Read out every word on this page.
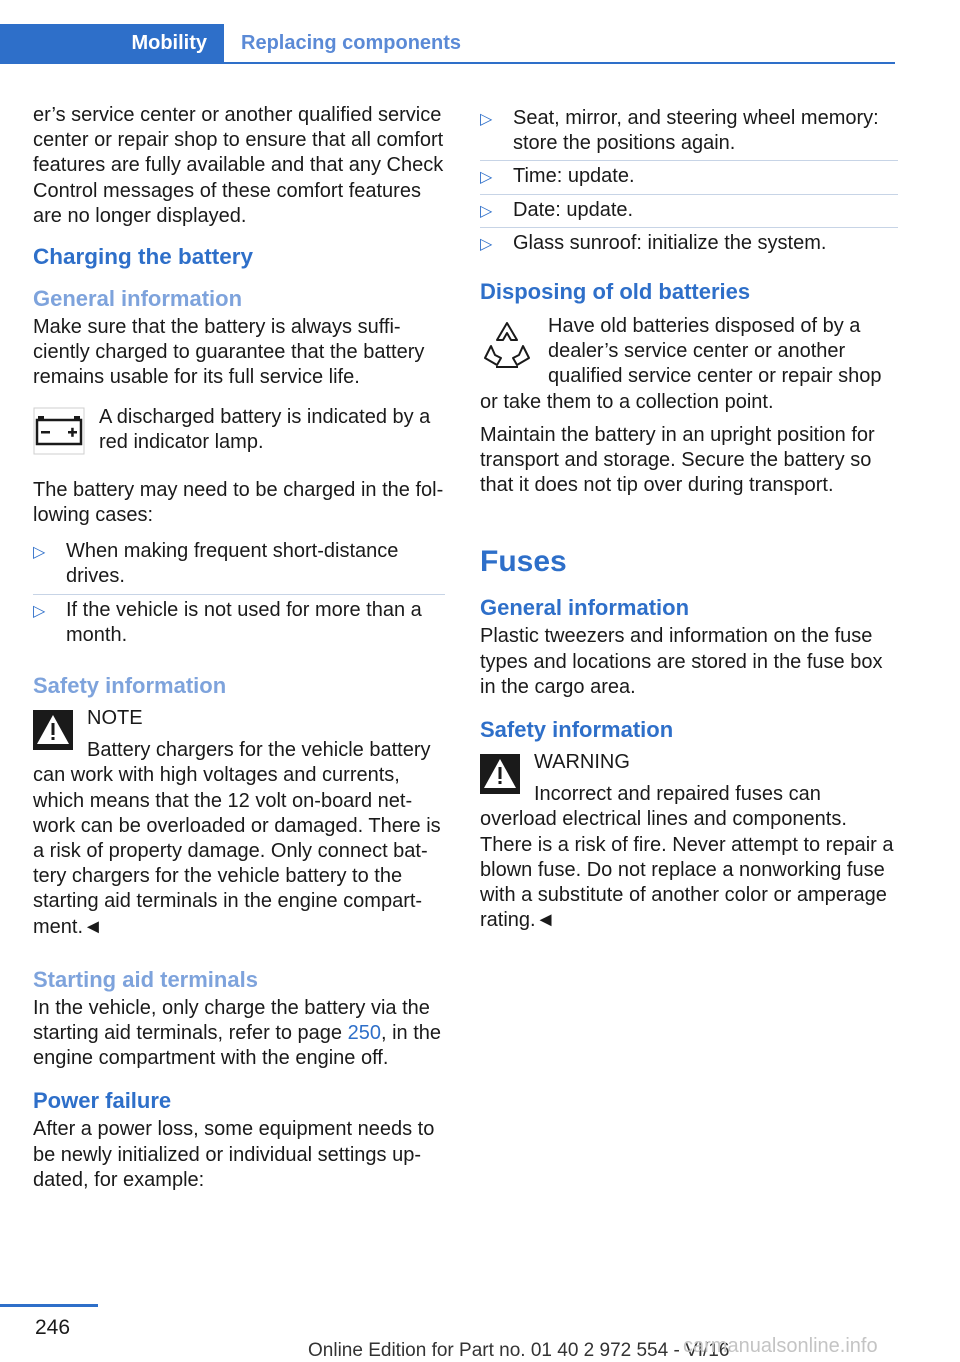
Mobility	Replacing components

er’s service center or another qualified service center or repair shop to ensure that all comfort features are fully available and that any Check Control messages of these comfort features are no longer displayed.

Charging the battery
General information

Make sure that the battery is always sufficiently charged to guarantee that the battery remains usable for its full service life.

A discharged battery is indicated by a red indicator lamp.

The battery may need to be charged in the following cases:

▷ When making frequent short-distance drives.
▷ If the vehicle is not used for more than a month.
Safety information
NOTE

Battery chargers for the vehicle battery can work with high voltages and currents, which means that the 12 volt on-board network can be overloaded or damaged. There is a risk of property damage. Only connect battery chargers for the vehicle battery to the starting aid terminals in the engine compartment.◄

Starting aid terminals

In the vehicle, only charge the battery via the starting aid terminals, refer to page 250, in the engine compartment with the engine off.

Power failure

After a power loss, some equipment needs to be newly initialized or individual settings updated, for example:

▷ Seat, mirror, and steering wheel memory: store the positions again.
▷ Time: update.
▷ Date: update.
▷ Glass sunroof: initialize the system.
Disposing of old batteries

Have old batteries disposed of by a dealer’s service center or another qualified service center or repair shop or take them to a collection point.

Maintain the battery in an upright position for transport and storage. Secure the battery so that it does not tip over during transport.

Fuses
General information

Plastic tweezers and information on the fuse types and locations are stored in the fuse box in the cargo area.

Safety information
WARNING

Incorrect and repaired fuses can overload electrical lines and components. There is a risk of fire. Never attempt to repair a blown fuse. Do not replace a nonworking fuse with a substitute of another color or amperage rating.◄

246
Online Edition for Part no. 01 40 2 972 554 - VI/16
carmanualsonline.info
